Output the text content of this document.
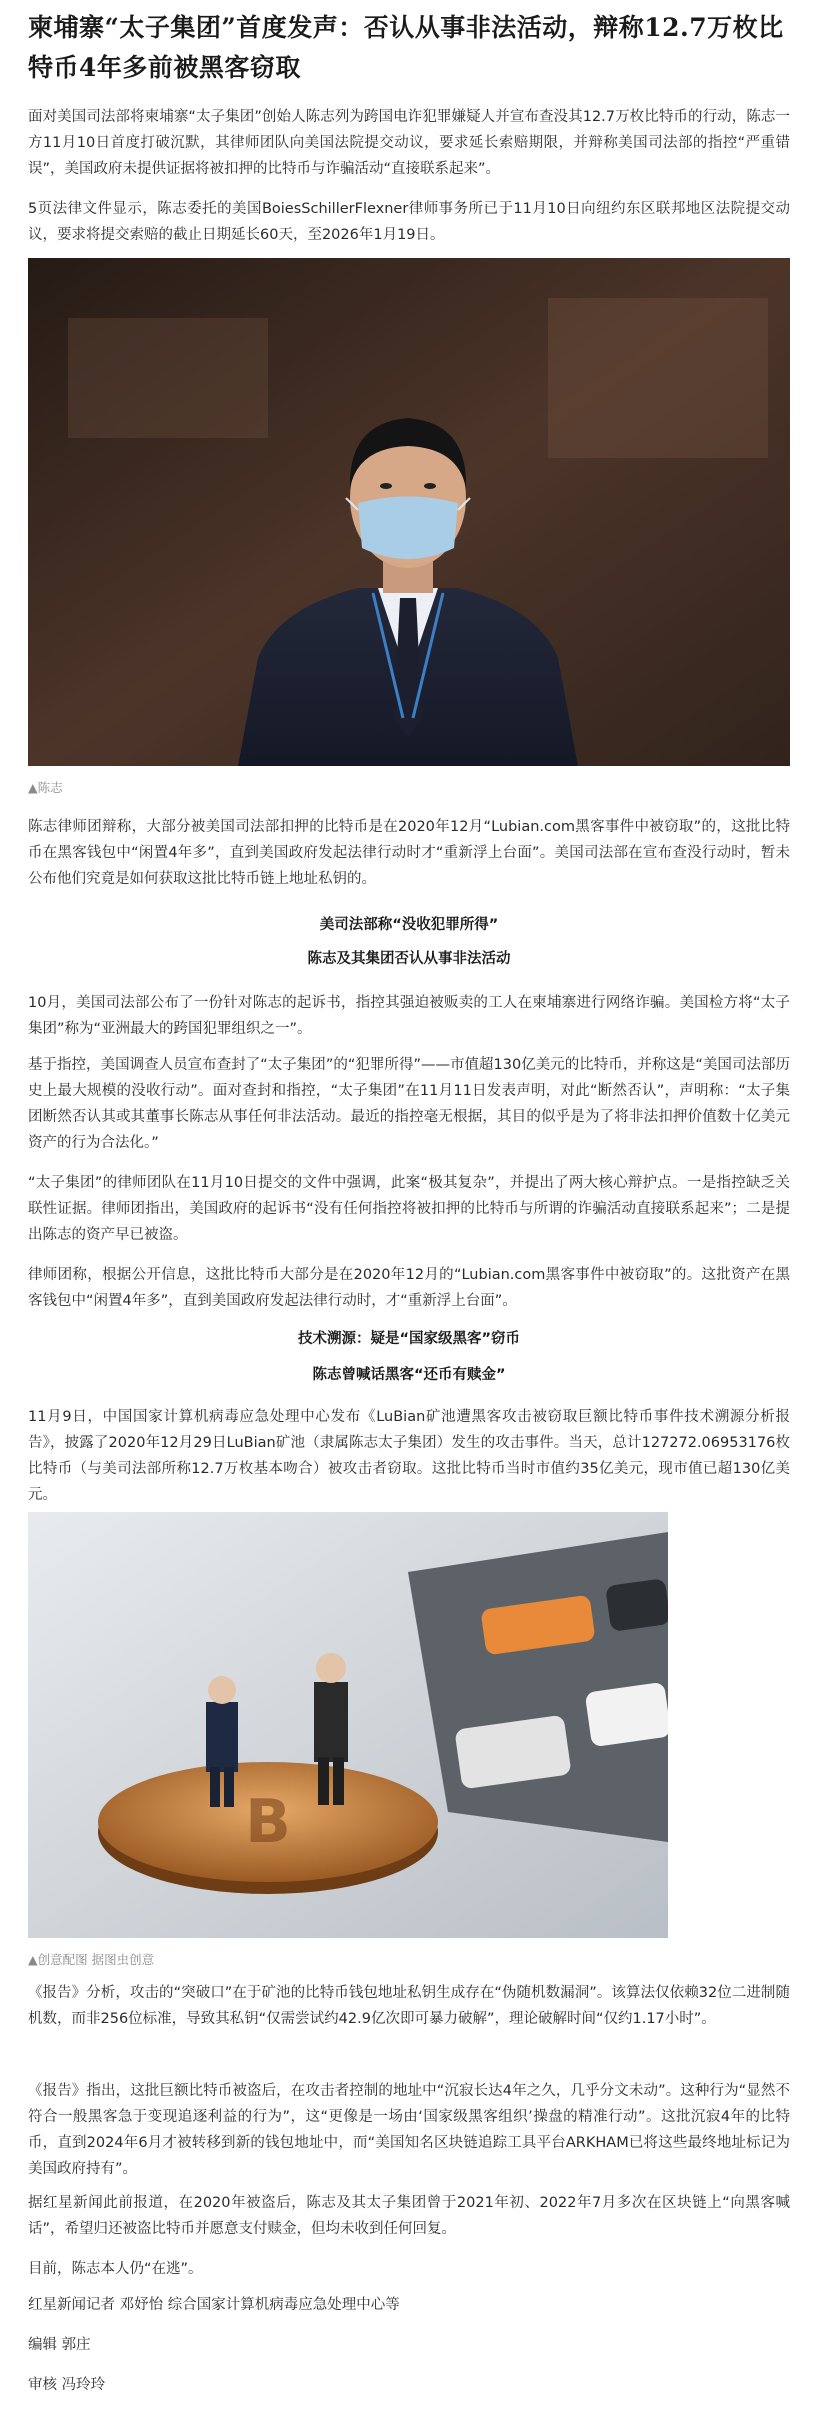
柬埔寨“太子集团”首度发声：否认从事非法活动，辩称12.7万枚比特币4年多前被黑客窃取

面对美国司法部将柬埔寨“太子集团”创始人陈志列为跨国电诈犯罪嫌疑人并宣布查没其12.7万枚比特币的行动，陈志一方11月10日首度打破沉默，其律师团队向美国法院提交动议，要求延长索赔期限，并辩称美国司法部的指控“严重错误”，美国政府未提供证据将被扣押的比特币与诈骗活动“直接联系起来”。

5页法律文件显示，陈志委托的美国BoiesSchillerFlexner律师事务所已于11月10日向纽约东区联邦地区法院提交动议，要求将提交索赔的截止日期延长60天，至2026年1月19日。

▲陈志

陈志律师团辩称，大部分被美国司法部扣押的比特币是在2020年12月“Lubian.com黑客事件中被窃取”的，这批比特币在黑客钱包中“闲置4年多”，直到美国政府发起法律行动时才“重新浮上台面”。美国司法部在宣布查没行动时，暂未公布他们究竟是如何获取这批比特币链上地址私钥的。

美司法部称“没收犯罪所得”

陈志及其集团否认从事非法活动

10月，美国司法部公布了一份针对陈志的起诉书，指控其强迫被贩卖的工人在柬埔寨进行网络诈骗。美国检方将“太子集团”称为“亚洲最大的跨国犯罪组织之一”。

基于指控，美国调查人员宣布查封了“太子集团”的“犯罪所得”——市值超130亿美元的比特币，并称这是“美国司法部历史上最大规模的没收行动”。面对查封和指控，“太子集团”在11月11日发表声明，对此“断然否认”，声明称：“太子集团断然否认其或其董事长陈志从事任何非法活动。最近的指控毫无根据，其目的似乎是为了将非法扣押价值数十亿美元资产的行为合法化。”

“太子集团”的律师团队在11月10日提交的文件中强调，此案“极其复杂”，并提出了两大核心辩护点。一是指控缺乏关联性证据。律师团指出，美国政府的起诉书“没有任何指控将被扣押的比特币与所谓的诈骗活动直接联系起来”；二是提出陈志的资产早已被盗。

律师团称，根据公开信息，这批比特币大部分是在2020年12月的“Lubian.com黑客事件中被窃取”的。这批资产在黑客钱包中“闲置4年多”，直到美国政府发起法律行动时，才“重新浮上台面”。

技术溯源：疑是“国家级黑客”窃币

陈志曾喊话黑客“还币有赎金”

11月9日，中国国家计算机病毒应急处理中心发布《LuBian矿池遭黑客攻击被窃取巨额比特币事件技术溯源分析报告》，披露了2020年12月29日LuBian矿池（隶属陈志太子集团）发生的攻击事件。当天，总计127272.06953176枚比特币（与美司法部所称12.7万枚基本吻合）被攻击者窃取。这批比特币当时市值约35亿美元，现市值已超130亿美元。

B
▲创意配图 据图虫创意

《报告》分析，攻击的“突破口”在于矿池的比特币钱包地址私钥生成存在“伪随机数漏洞”。该算法仅依赖32位二进制随机数，而非256位标准，导致其私钥“仅需尝试约42.9亿次即可暴力破解”，理论破解时间“仅约1.17小时”。

《报告》指出，这批巨额比特币被盗后，在攻击者控制的地址中“沉寂长达4年之久，几乎分文未动”。这种行为“显然不符合一般黑客急于变现追逐利益的行为”，这“更像是一场由‘国家级黑客组织’操盘的精准行动”。这批沉寂4年的比特币，直到2024年6月才被转移到新的钱包地址中，而“美国知名区块链追踪工具平台ARKHAM已将这些最终地址标记为美国政府持有”。

据红星新闻此前报道，在2020年被盗后，陈志及其太子集团曾于2021年初、2022年7月多次在区块链上“向黑客喊话”，希望归还被盗比特币并愿意支付赎金，但均未收到任何回复。

目前，陈志本人仍“在逃”。

红星新闻记者 邓妤怡 综合国家计算机病毒应急处理中心等

编辑 郭庄

审核 冯玲玲
